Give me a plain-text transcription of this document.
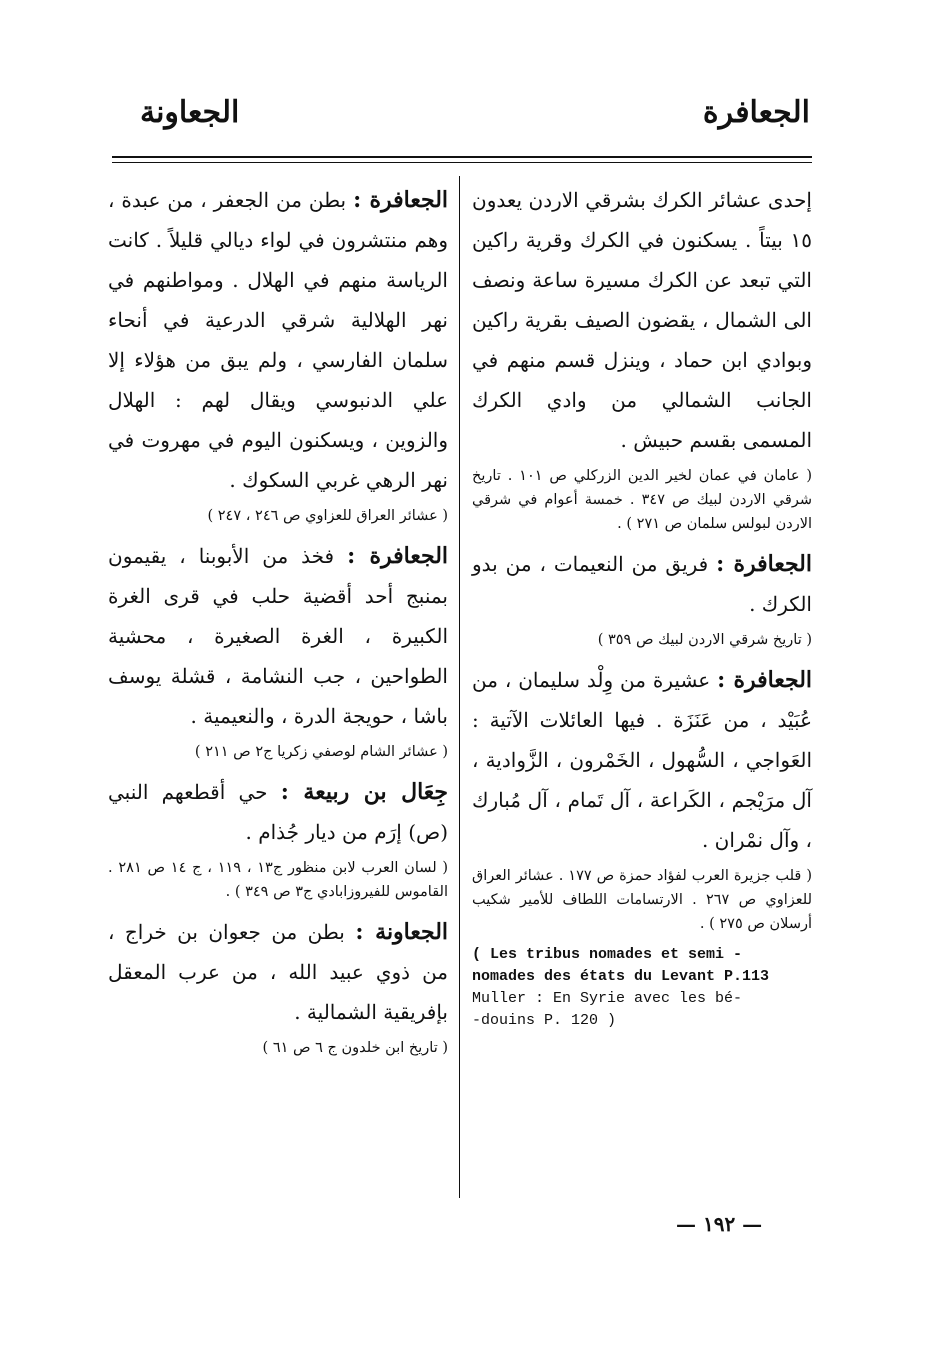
الجعافرة
الجعاونة

إحدى عشائر الكرك بشرقي الاردن يعدون ١٥ بيتاً . يسكنون في الكرك وقرية راكين التي تبعد عن الكرك مسيرة ساعة ونصف الى الشمال ، يقضون الصيف بقرية راكين وبوادي ابن حماد ، وينزل قسم منهم في الجانب الشمالي من وادي الكرك المسمى بقسم حبيش .

( عامان في عمان لخير الدين الزركلي ص ١٠١ . تاريخ شرقي الاردن لبيك ص ٣٤٧ . خمسة أعوام في شرقي الاردن لبولس سلمان ص ٢٧١ ) .

الجعافرة : فريق من النعيمات ، من بدو الكرك .

( تاريخ شرقي الاردن لبيك ص ٣٥٩ )

الجعافرة : عشيرة من وِلْد سليمان ، من عُبَيْد ، من عَنَزَة . فيها العائلات الآتية : العَواجي ، السُّهول ، الخَمْرون ، الزَّوادية ، آل مرَيْجم ، الكَراعة ، آل تَمام ، آل مُبارك ، وآل نمْران .

( قلب جزيرة العرب لفؤاد حمزة ص ١٧٧ . عشائر العراق للعزاوي ص ٢٦٧ . الارتسامات اللطاف للأمير شكيب أرسلان ص ٢٧٥ ) .

( Les tribus nomades et semi -
nomades des états du Levant P.113
Muller : En Syrie avec les bé-
-douins P. 120 )

الجعافرة : بطن من الجعفر ، من عبدة ، وهم منتشرون في لواء ديالي قليلاً . كانت الرياسة منهم في الهلال . ومواطنهم في نهر الهلالية شرقي الدرعية في أنحاء سلمان الفارسي ، ولم يبق من هؤلاء إلا علي الدنبوسي ويقال لهم : الهلال والزوين ، ويسكنون اليوم في مهروت في نهر الرهي غربي السكوك .

( عشائر العراق للعزاوي ص ٢٤٦ ، ٢٤٧ )

الجعافرة : فخذ من الأبوبنا ، يقيمون بمنبج أحد أقضية حلب في قرى الغرة الكبيرة ، الغرة الصغيرة ، محشية الطواحين ، جب النشامة ، قشلة يوسف باشا ، حويجة الدرة ، والنعيمية .

( عشائر الشام لوصفي زكريا ج٢ ص ٢١١ )

جِعَال بن ربيعة : حي أقطعهم النبي (ص) إرَم من ديار جُذام .

( لسان العرب لابن منظور ج١٣ ، ١١٩ ، ج ١٤ ص ٢٨١ . القاموس للفيروزابادي ج٣ ص ٣٤٩ ) .

الجعاونة : بطن من جعوان بن خراج ، من ذوي عبيد الله ، من عرب المعقل بإفريقية الشمالية .

( تاريخ ابن خلدون ج ٦ ص ٦١ )

— ١٩٢ —
